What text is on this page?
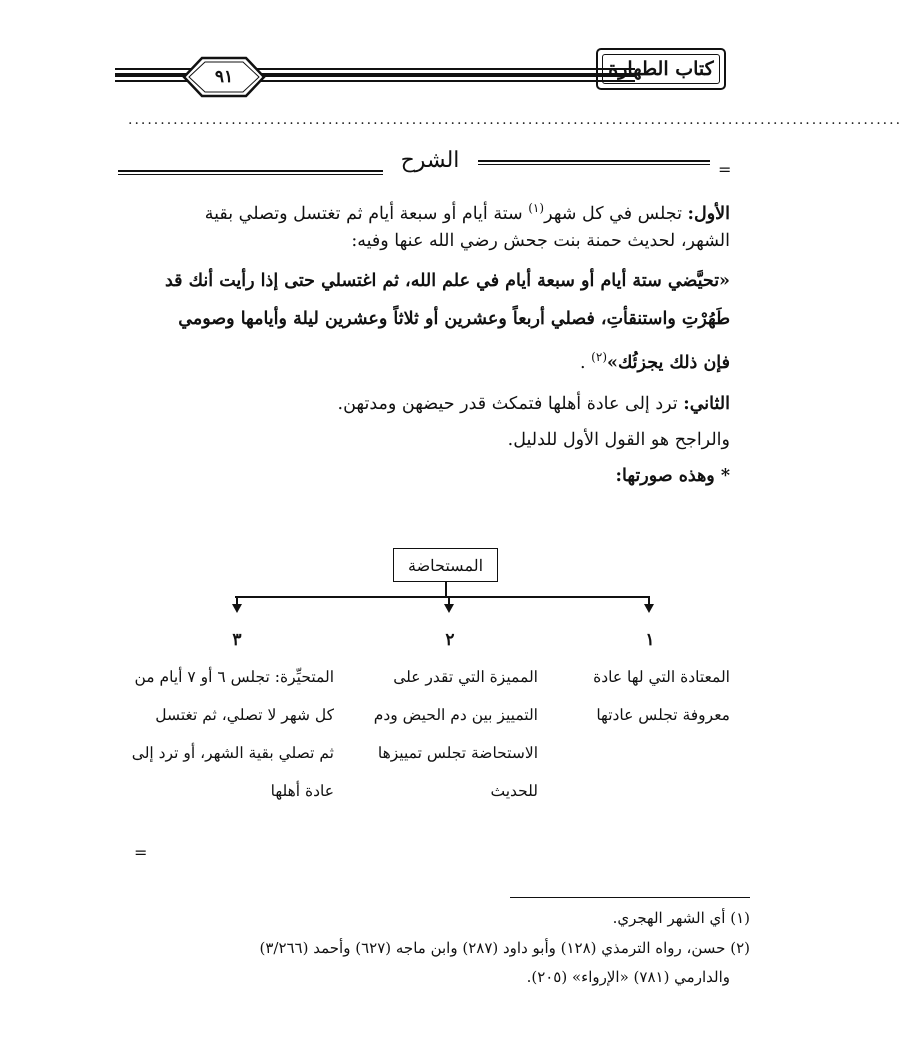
٩١	كتاب الطهارة
........................................................................................................................
الشرح	=
الأول: تجلس في كل شهر$^{(١)}$ ستة أيام أو سبعة أيام ثم تغتسل وتصلي بقية
الشهر، لحديث حمنة بنت جحش رضي الله عنها وفيه:
«تحيَّضي ستة أيام أو سبعة أيام في علم الله، ثم اغتسلي حتى إذا رأيت أنك قد
طَهُرْتِ واستنقأتِ، فصلي أربعاً وعشرين أو ثلاثاً وعشرين ليلة وأيامها وصومي
فإن ذلك يجزئُك»$^{(٢)}$ .
الثاني: ترد إلى عادة أهلها فتمكث قدر حيضهن ومدتهن.
والراجح هو القول الأول للدليل.
* وهذه صورتها:
المستحاضة
١
٢
٣
المعتادة التي لها عادة
معروفة تجلس عادتها
المميزة التي تقدر على
التمييز بين دم الحيض ودم
الاستحاضة تجلس تمييزها
للحديث
المتحيِّرة: تجلس ٦ أو ٧ أيام من
كل شهر لا تصلي، ثم تغتسل
ثم تصلي بقية الشهر، أو ترد إلى
عادة أهلها
=
(١) أي الشهر الهجري.
(٢) حسن، رواه الترمذي (١٢٨) وأبو داود (٢٨٧) وابن ماجه (٦٢٧) وأحمد (٣/٢٦٦)
والدارمي (٧٨١) «الإرواء» (٢٠٥).
